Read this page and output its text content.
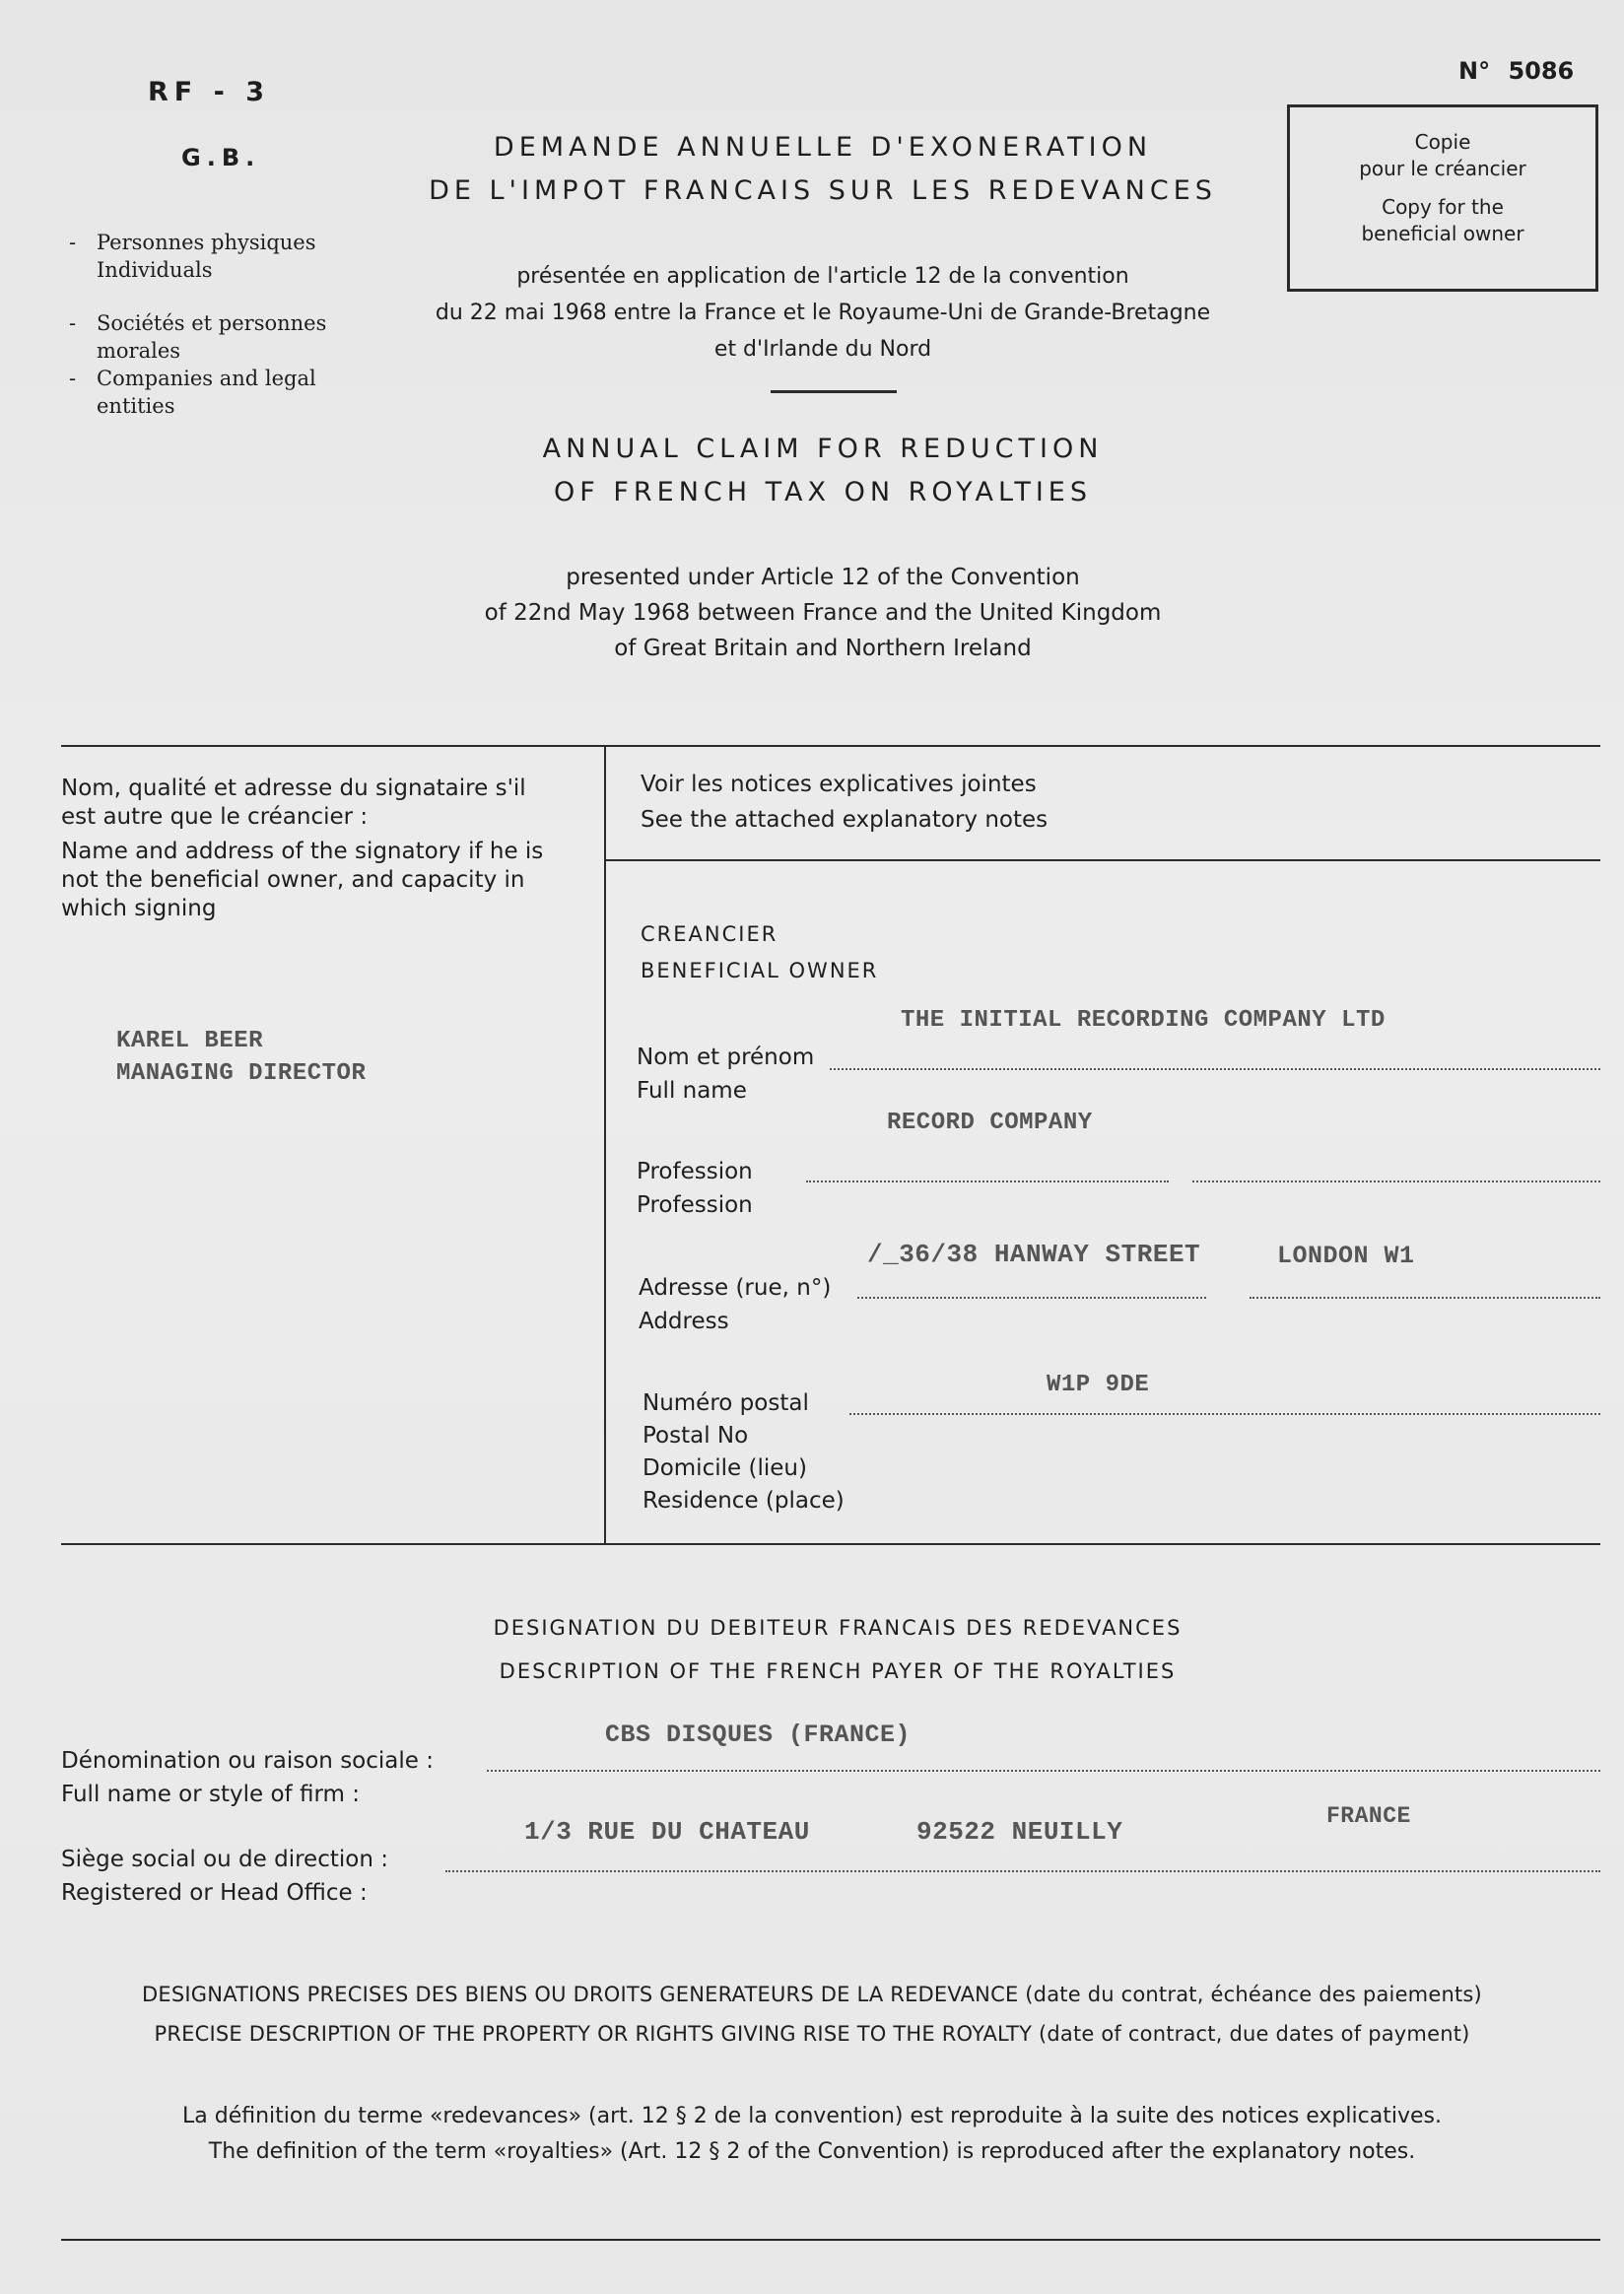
RF - 3
G.B.
N° 5086
Copie
pour le créancier
Copy for the
beneficial owner
- Personnes physiques
Individuals
- Sociétés et personnes
morales
- Companies and legal
entities
DEMANDE ANNUELLE D'EXONERATION
DE L'IMPOT FRANCAIS SUR LES REDEVANCES
présentée en application de l'article 12 de la convention
du 22 mai 1968 entre la France et le Royaume-Uni de Grande-Bretagne
et d'Irlande du Nord
ANNUAL CLAIM FOR REDUCTION
OF FRENCH TAX ON ROYALTIES
presented under Article 12 of the Convention
of 22nd May 1968 between France and the United Kingdom
of Great Britain and Northern Ireland
Nom, qualité et adresse du signataire s'il
est autre que le créancier :
Name and address of the signatory if he is
not the beneficial owner, and capacity in
which signing
KAREL BEER
MANAGING DIRECTOR
Voir les notices explicatives jointes
See the attached explanatory notes
CREANCIER
BENEFICIAL OWNER
Nom et prénom
Full name
THE INITIAL RECORDING COMPANY LTD
Profession
Profession
RECORD COMPANY
Adresse (rue, n°)
Address
/_36/38 HANWAY STREET	LONDON W1
Numéro postal
Postal No
Domicile (lieu)
Residence (place)
W1P 9DE
DESIGNATION DU DEBITEUR FRANCAIS DES REDEVANCES
DESCRIPTION OF THE FRENCH PAYER OF THE ROYALTIES
Dénomination ou raison sociale :
Full name or style of firm :
CBS DISQUES (FRANCE)
Siège social ou de direction :
Registered or Head Office :
1/3 RUE DU CHATEAU	92522 NEUILLY
FRANCE
DESIGNATIONS PRECISES DES BIENS OU DROITS GENERATEURS DE LA REDEVANCE (date du contrat, échéance des paiements)
PRECISE DESCRIPTION OF THE PROPERTY OR RIGHTS GIVING RISE TO THE ROYALTY (date of contract, due dates of payment)
La définition du terme «redevances» (art. 12 § 2 de la convention) est reproduite à la suite des notices explicatives.
The definition of the term «royalties» (Art. 12 § 2 of the Convention) is reproduced after the explanatory notes.
